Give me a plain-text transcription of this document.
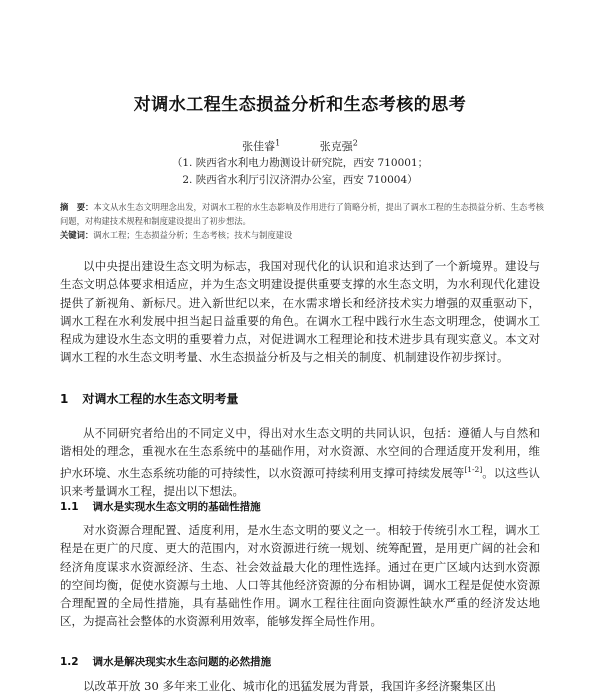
对调水工程生态损益分析和生态考核的思考
张佳睿$^1$	张克强$^2$
（1. 陕西省水利电力勘测设计研究院，西安 710001；
2. 陕西省水利厅引汉济渭办公室，西安 710004）
摘　要：本文从水生态文明理念出发，对调水工程的水生态影响及作用进行了简略分析，提出了调水工程的生态损益分析、生态考核问题，对构建技术规程和制度建设提出了初步想法。
关键词：调水工程；生态损益分析；生态考核；技术与制度建设

以中央提出建设生态文明为标志，我国对现代化的认识和追求达到了一个新境界。建设与生态文明总体要求相适应，并为生态文明建设提供重要支撑的水生态文明，为水利现代化建设提供了新视角、新标尺。进入新世纪以来，在水需求增长和经济技术实力增强的双重驱动下，调水工程在水利发展中担当起日益重要的角色。在调水工程中践行水生态文明理念，使调水工程成为建设水生态文明的重要着力点，对促进调水工程理论和技术进步具有现实意义。本文对调水工程的水生态文明考量、水生态损益分析及与之相关的制度、机制建设作初步探讨。

1 对调水工程的水生态文明考量

从不同研究者给出的不同定义中，得出对水生态文明的共同认识，包括：遵循人与自然和谐相处的理念，重视水在生态系统中的基础作用，对水资源、水空间的合理适度开发利用，维护水环境、水生态系统功能的可持续性，以水资源可持续利用支撑可持续发展等[1-2]。以这些认识来考量调水工程，提出以下想法。

1.1 调水是实现水生态文明的基础性措施

对水资源合理配置、适度利用，是水生态文明的要义之一。相较于传统引水工程，调水工程是在更广的尺度、更大的范围内，对水资源进行统一规划、统筹配置，是用更广阔的社会和经济角度谋求水资源经济、生态、社会效益最大化的理性选择。通过在更广区域内达到水资源的空间均衡，促使水资源与土地、人口等其他经济资源的分布相协调，调水工程是促使水资源合理配置的全局性措施，具有基础性作用。调水工程往往面向资源性缺水严重的经济发达地区，为提高社会整体的水资源利用效率，能够发挥全局性作用。

1.2 调水是解决现实水生态问题的必然措施

以改革开放 30 多年来工业化、城市化的迅猛发展为背景，我国许多经济聚集区出
